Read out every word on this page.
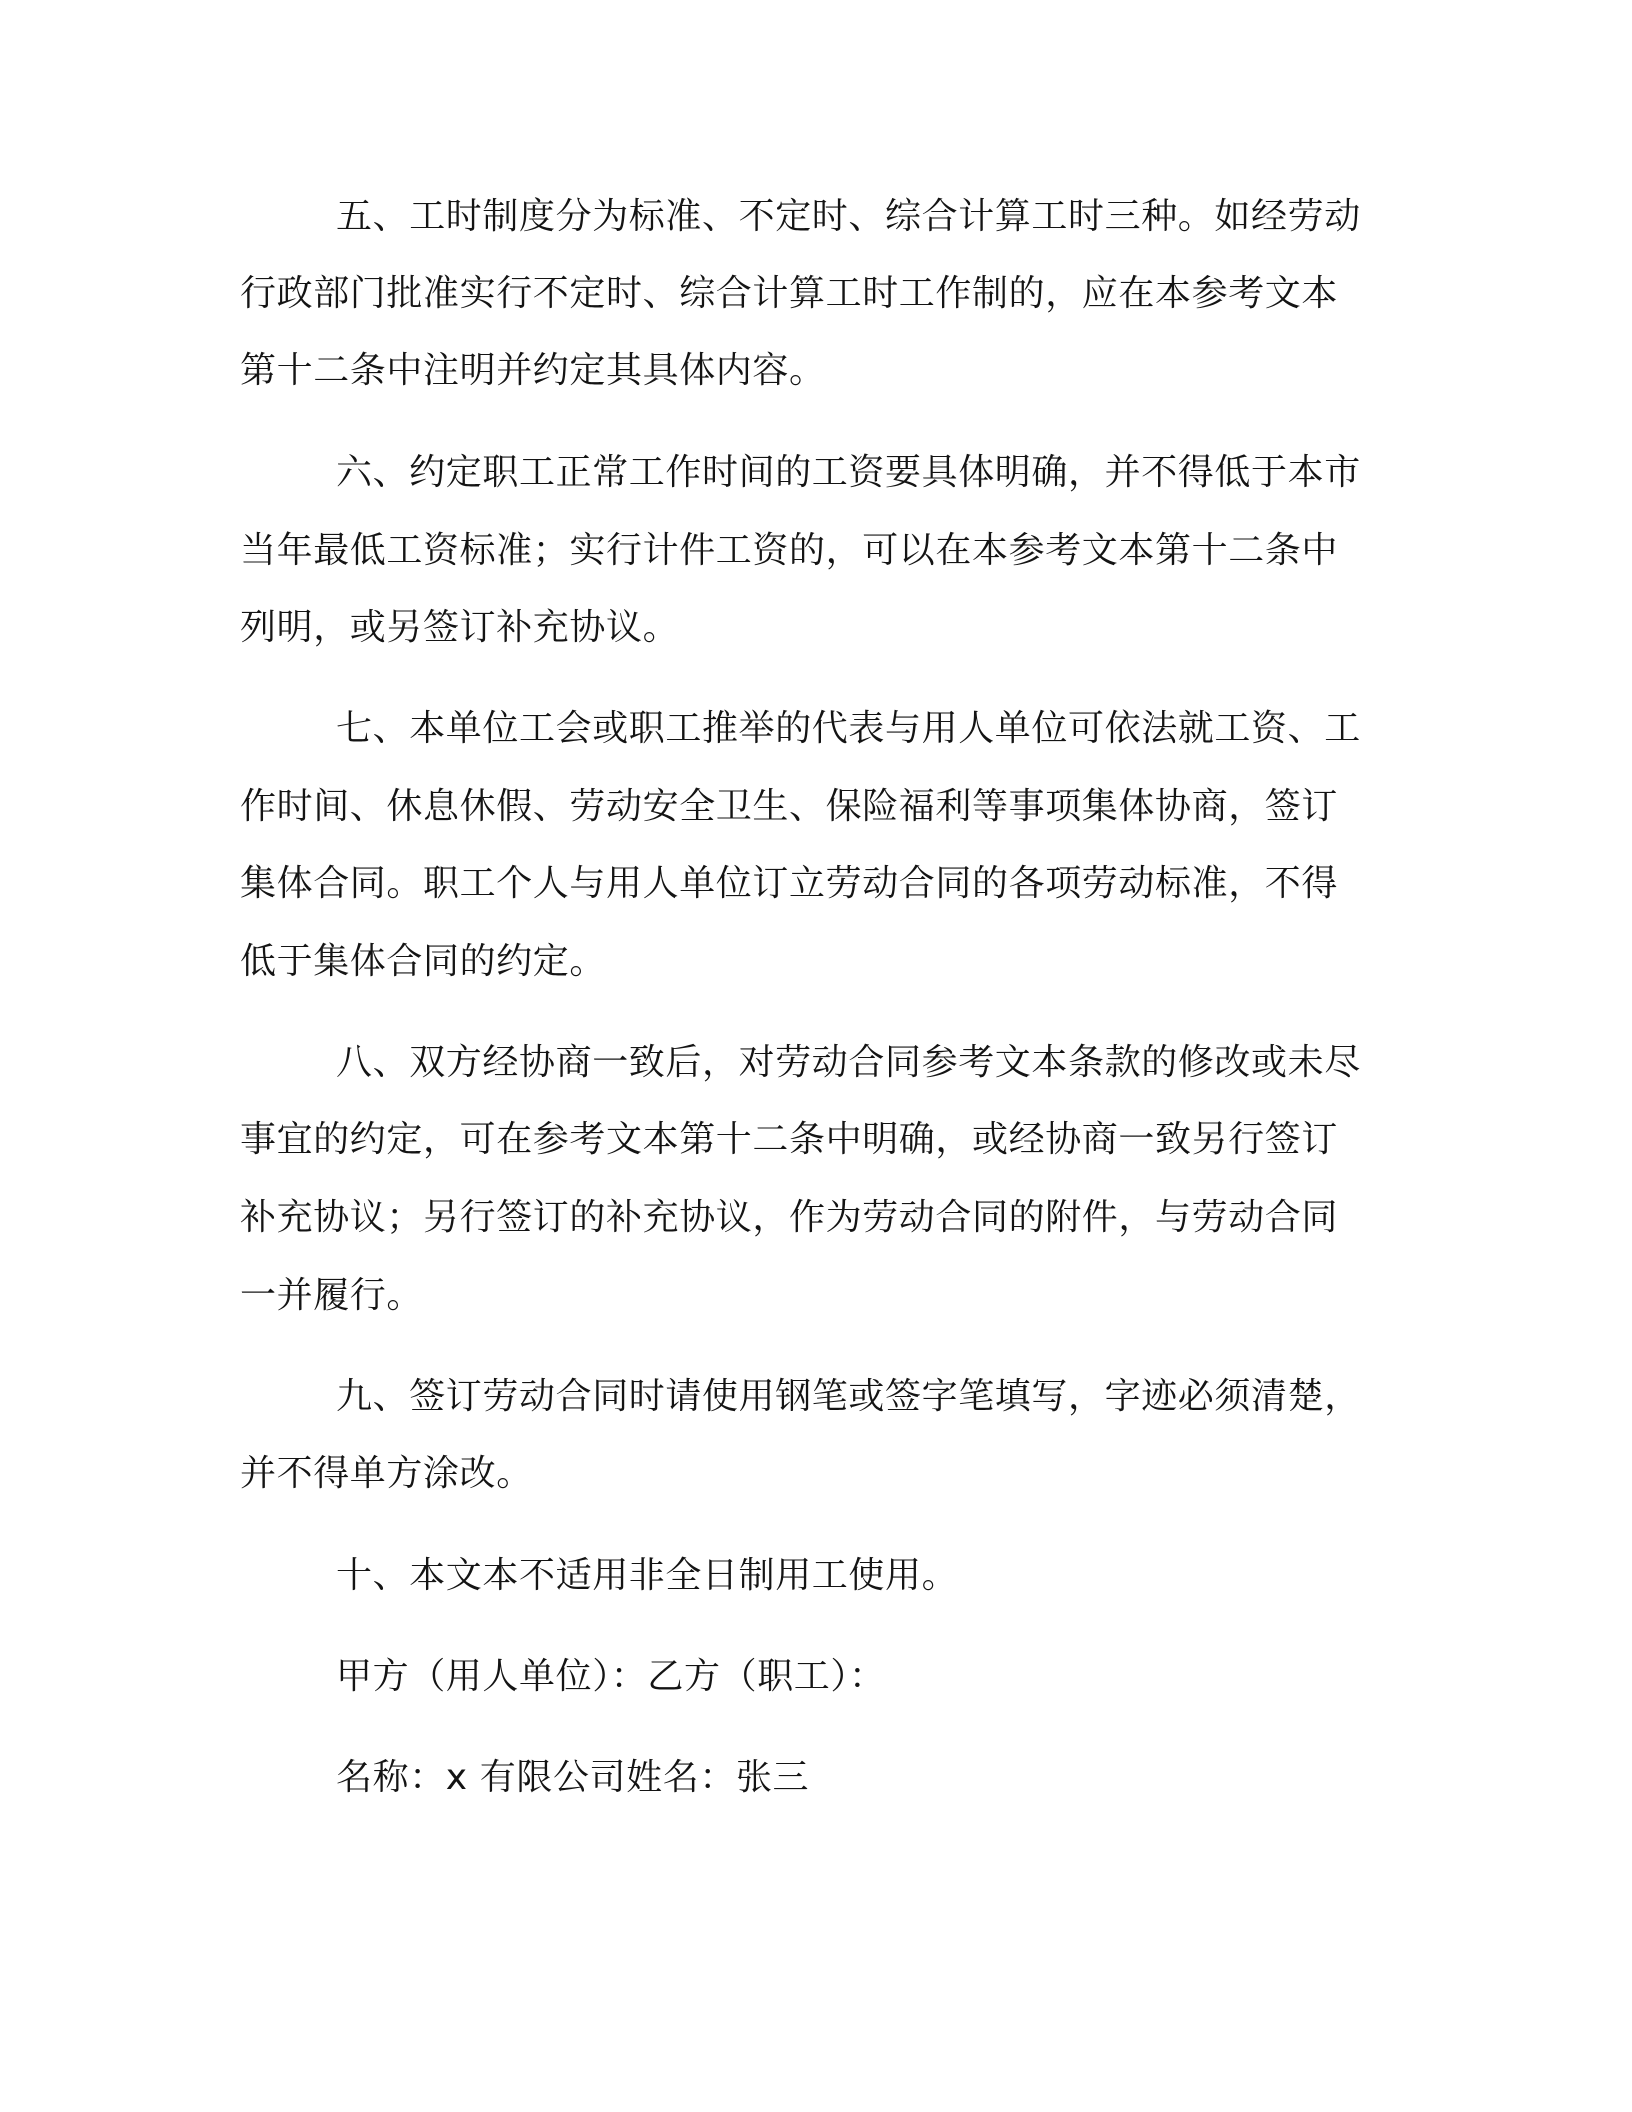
五、工时制度分为标准、不定时、综合计算工时三种。如经劳动
行政部门批准实行不定时、综合计算工时工作制的，应在本参考文本
第十二条中注明并约定其具体内容。
六、约定职工正常工作时间的工资要具体明确，并不得低于本市
当年最低工资标准；实行计件工资的，可以在本参考文本第十二条中
列明，或另签订补充协议。
七、本单位工会或职工推举的代表与用人单位可依法就工资、工
作时间、休息休假、劳动安全卫生、保险福利等事项集体协商，签订
集体合同。职工个人与用人单位订立劳动合同的各项劳动标准，不得
低于集体合同的约定。
八、双方经协商一致后，对劳动合同参考文本条款的修改或未尽
事宜的约定，可在参考文本第十二条中明确，或经协商一致另行签订
补充协议；另行签订的补充协议，作为劳动合同的附件，与劳动合同
一并履行。
九、签订劳动合同时请使用钢笔或签字笔填写，字迹必须清楚，
并不得单方涂改。
十、本文本不适用非全日制用工使用。
甲方（用人单位）：乙方（职工）：
名称：x 有限公司姓名：张三
